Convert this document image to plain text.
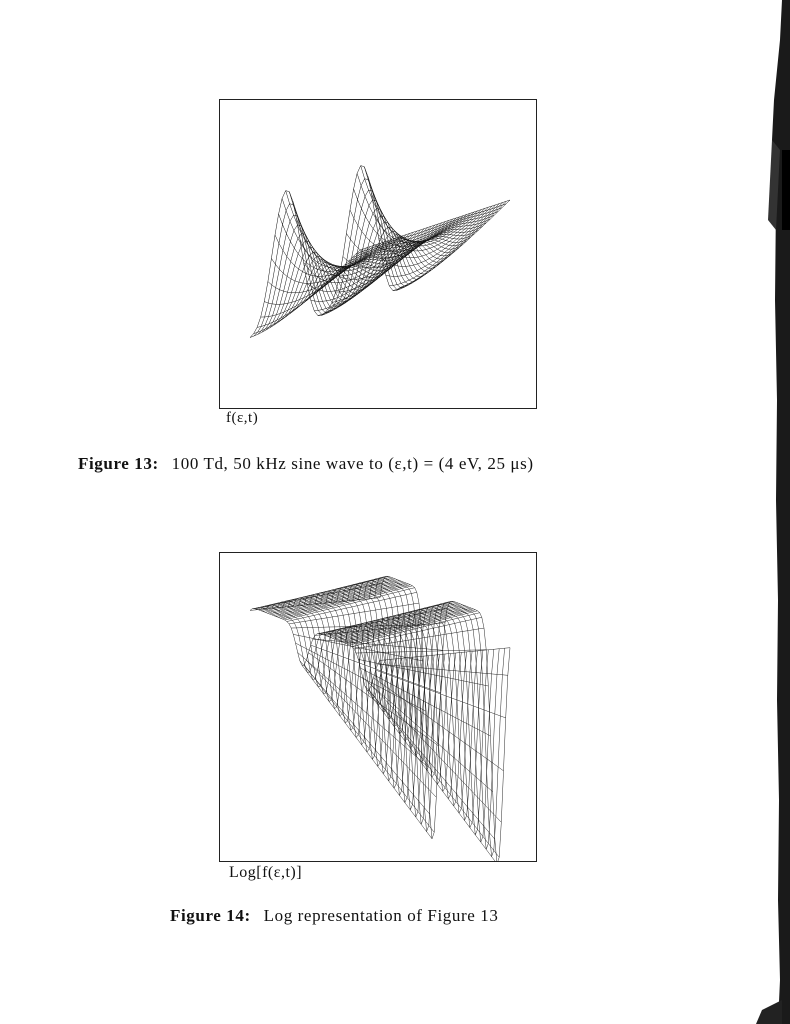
f(ε,t)
Figure 13: 100 Td, 50 kHz sine wave to (ε,t) = (4 eV, 25 μs)
Log[f(ε,t)]
Figure 14: Log representation of Figure 13
